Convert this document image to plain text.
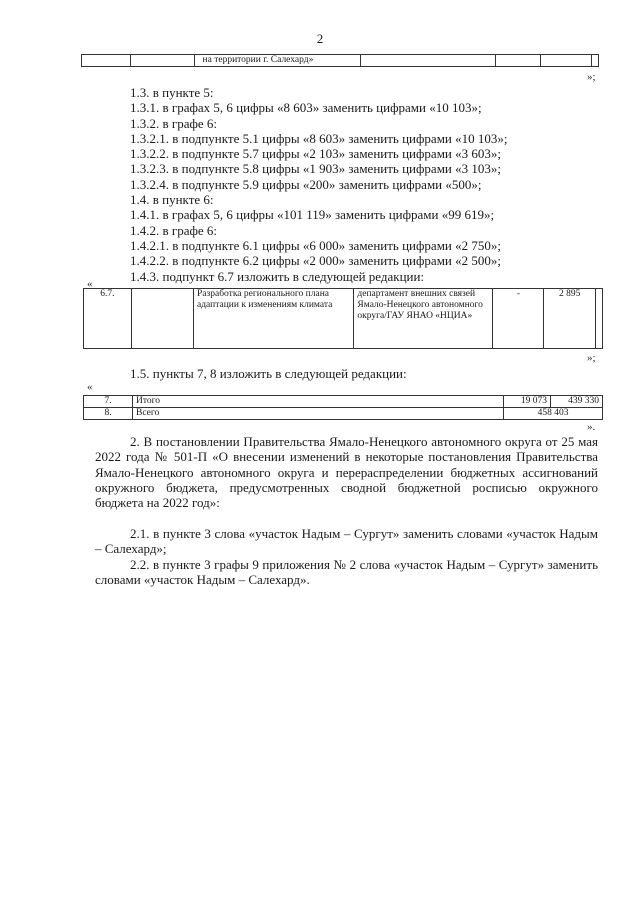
2
		на территории г. Салехард»				
»;
1.3. в пункте 5:
1.3.1. в графах 5, 6 цифры «8 603» заменить цифрами «10 103»;
1.3.2. в графе 6:
1.3.2.1. в подпункте 5.1 цифры «8 603» заменить цифрами «10 103»;
1.3.2.2. в подпункте 5.7 цифры «2 103» заменить цифрами «3 603»;
1.3.2.3. в подпункте 5.8 цифры «1 903» заменить цифрами «3 103»;
1.3.2.4. в подпункте 5.9 цифры «200» заменить цифрами «500»;
1.4. в пункте 6:
1.4.1. в графах 5, 6 цифры «101 119» заменить цифрами «99 619»;
1.4.2. в графе 6:
1.4.2.1. в подпункте 6.1 цифры «6 000» заменить цифрами «2 750»;
1.4.2.2. в подпункте 6.2 цифры «2 000» заменить цифрами «2 500»;
1.4.3. подпункт 6.7 изложить в следующей редакции:
«
6.7.		Разработка регионального плана адаптации к изменениям климата	департамент внешних связей Ямало-Ненецкого автономного округа/ГАУ ЯНАО «НЦИА»	-	2 895	
»;
1.5. пункты 7, 8 изложить в следующей редакции:
«
7.	Итого	19 073	439 330
8.	Всего	458 403	
».
2. В постановлении Правительства Ямало-Ненецкого автономного округа от 25 мая 2022 года № 501-П «О внесении изменений в некоторые постановления Правительства Ямало-Ненецкого автономного округа и перераспределении бюджетных ассигнований окружного бюджета, предусмотренных сводной бюджетной росписью окружного бюджета на 2022 год»:
2.1. в пункте 3 слова «участок Надым – Сургут» заменить словами «участок Надым – Салехард»;
2.2. в пункте 3 графы 9 приложения № 2 слова «участок Надым – Сургут» заменить словами «участок Надым – Салехард».
